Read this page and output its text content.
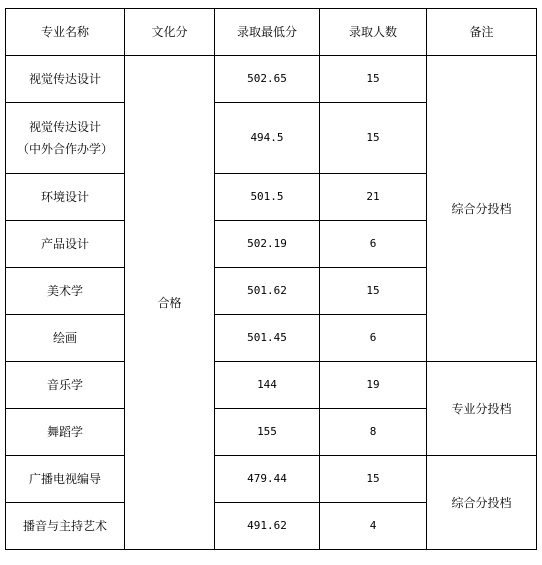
专业名称	文化分	录取最低分	录取人数	备注
视觉传达设计	合格	502.65	15	综合分投档
视觉传达设计
（中外合作办学）		494.5	15	
环境设计		501.5	21	
产品设计		502.19	6	
美术学		501.62	15	
绘画		501.45	6	
音乐学		144	19	专业分投档
舞蹈学		155	8	
广播电视编导		479.44	15	综合分投档
播音与主持艺术		491.62	4	
